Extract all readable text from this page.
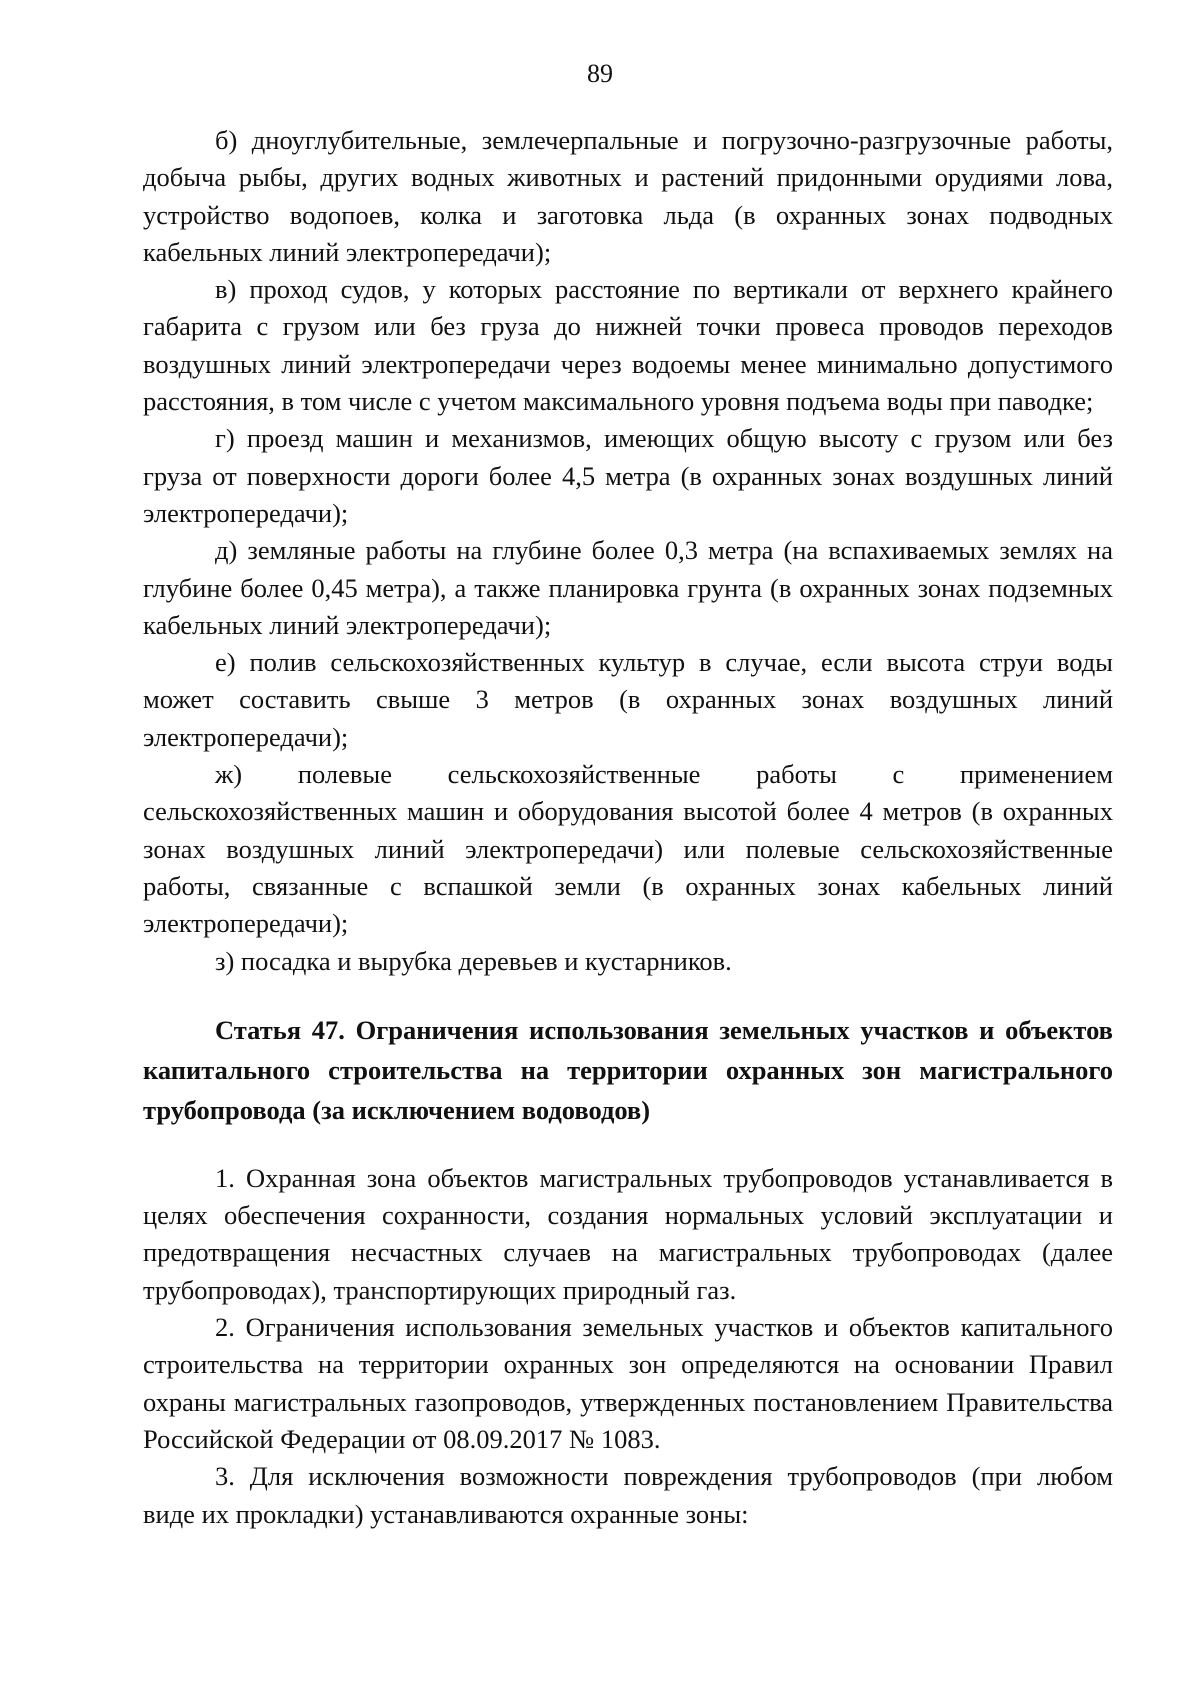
89

б) дноуглубительные, землечерпальные и погрузочно-разгрузочные работы, добыча рыбы, других водных животных и растений придонными орудиями лова, устройство водопоев, колка и заготовка льда (в охранных зонах подводных кабельных линий электропередачи);

в) проход судов, у которых расстояние по вертикали от верхнего крайнего габарита с грузом или без груза до нижней точки провеса проводов переходов воздушных линий электропередачи через водоемы менее минимально допустимого расстояния, в том числе с учетом максимального уровня подъема воды при паводке;

г) проезд машин и механизмов, имеющих общую высоту с грузом или без груза от поверхности дороги более 4,5 метра (в охранных зонах воздушных линий электропередачи);

д) земляные работы на глубине более 0,3 метра (на вспахиваемых землях на глубине более 0,45 метра), а также планировка грунта (в охранных зонах подземных кабельных линий электропередачи);

е) полив сельскохозяйственных культур в случае, если высота струи воды может составить свыше 3 метров (в охранных зонах воздушных линий электропередачи);

ж) полевые сельскохозяйственные работы с применением сельскохозяйственных машин и оборудования высотой более 4 метров (в охранных зонах воздушных линий электропередачи) или полевые сельскохозяйственные работы, связанные с вспашкой земли (в охранных зонах кабельных линий электропередачи);

з) посадка и вырубка деревьев и кустарников.

Статья 47. Ограничения использования земельных участков и объектов капитального строительства на территории охранных зон магистрального трубопровода (за исключением водоводов)

1. Охранная зона объектов магистральных трубопроводов устанавливается в целях обеспечения сохранности, создания нормальных условий эксплуатации и предотвращения несчастных случаев на магистральных трубопроводах (далее трубопроводах), транспортирующих природный газ.

2. Ограничения использования земельных участков и объектов капитального строительства на территории охранных зон определяются на основании Правил охраны магистральных газопроводов, утвержденных постановлением Правительства Российской Федерации от 08.09.2017 № 1083.

3. Для исключения возможности повреждения трубопроводов (при любом виде их прокладки) устанавливаются охранные зоны:
